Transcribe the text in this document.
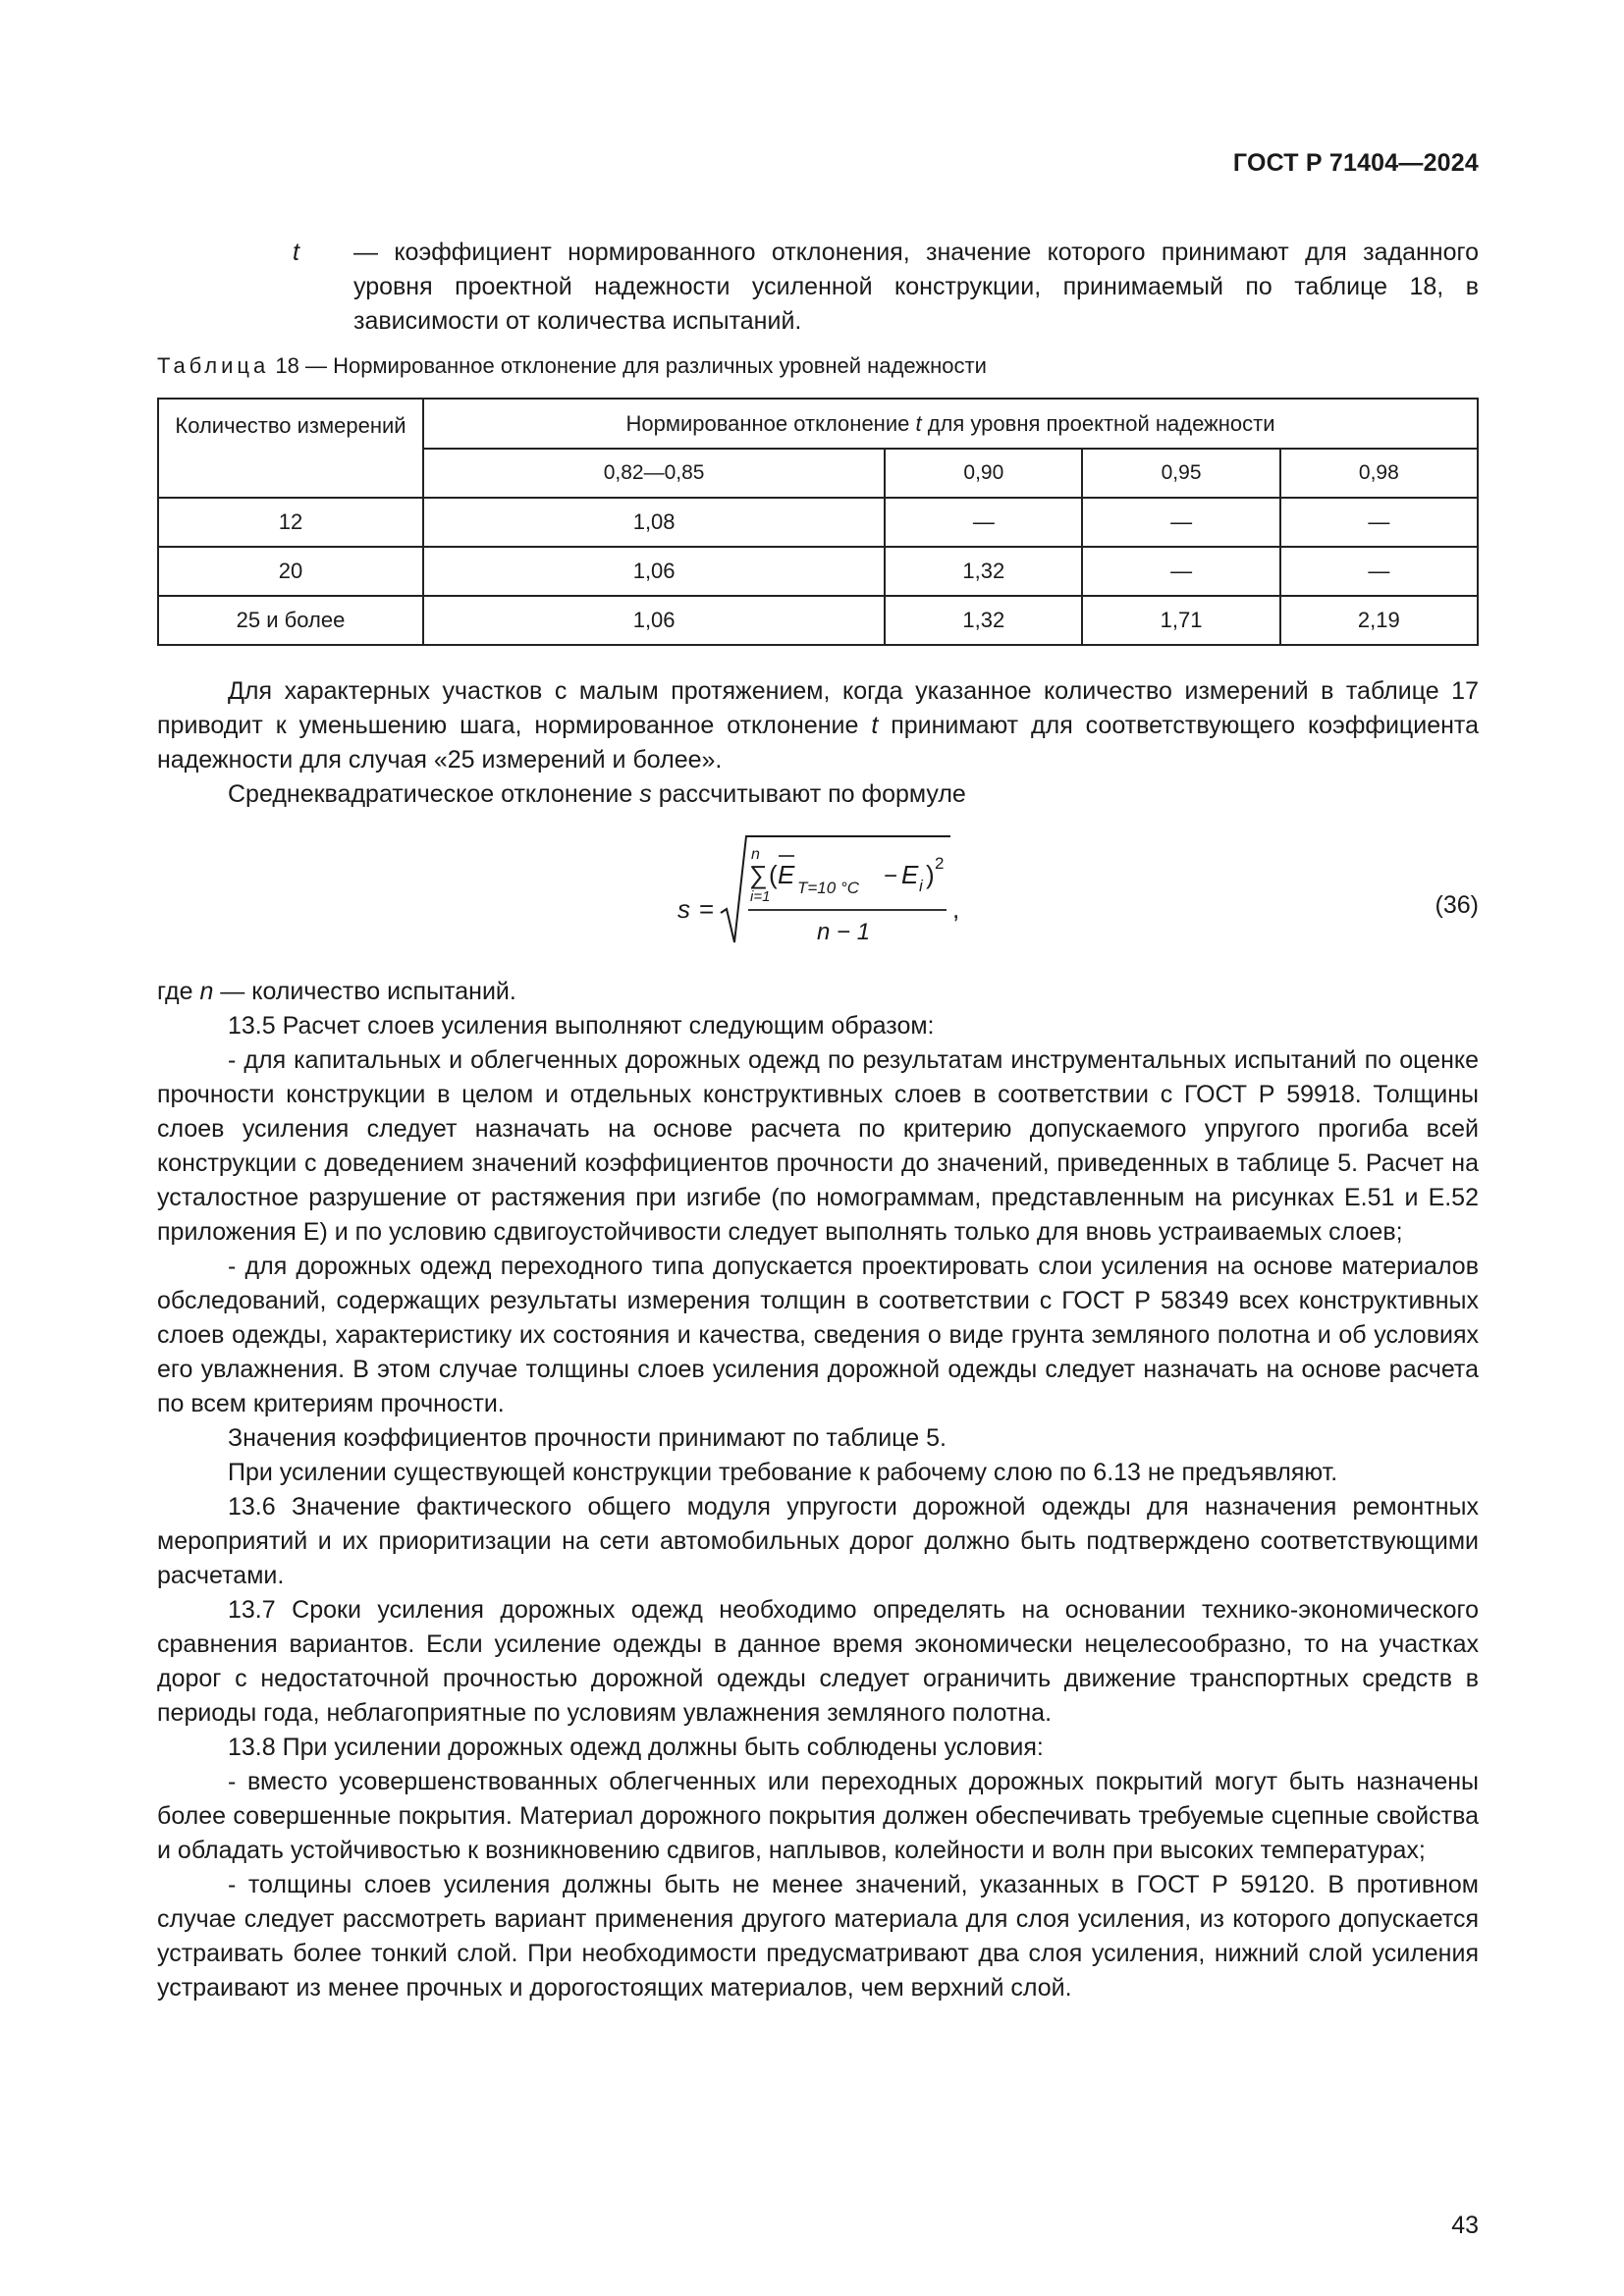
ГОСТ Р 71404—2024
t — коэффициент нормированного отклонения, значение которого принимают для заданного уровня проектной надежности усиленной конструкции, принимаемый по таблице 18, в зависимости от количества испытаний.
Таблица 18 — Нормированное отклонение для различных уровней надежности
Количество измерений	Нормированное отклонение t для уровня проектной надежности			
	0,82—0,85	0,90	0,95	0,98
12	1,08	—	—	—
20	1,06	1,32	—	—
25 и более	1,06	1,32	1,71	2,19

Для характерных участков с малым протяжением, когда указанное количество измерений в таблице 17 приводит к уменьшению шага, нормированное отклонение t принимают для соответствующего коэффициента надежности для случая «25 измерений и более».

Среднеквадратическое отклонение s рассчитывают по формуле

s =
n
∑
i=1
( E T=10 °C − E i ) 2
n − 1
,	(36)

где n — количество испытаний.

13.5 Расчет слоев усиления выполняют следующим образом:

- для капитальных и облегченных дорожных одежд по результатам инструментальных испытаний по оценке прочности конструкции в целом и отдельных конструктивных слоев в соответствии с ГОСТ Р 59918. Толщины слоев усиления следует назначать на основе расчета по критерию допускаемого упругого прогиба всей конструкции с доведением значений коэффициентов прочности до значений, приведенных в таблице 5. Расчет на усталостное разрушение от растяжения при изгибе (по номограммам, представленным на рисунках Е.51 и Е.52 приложения Е) и по условию сдвигоустойчивости следует выполнять только для вновь устраиваемых слоев;

- для дорожных одежд переходного типа допускается проектировать слои усиления на основе материалов обследований, содержащих результаты измерения толщин в соответствии с ГОСТ Р 58349 всех конструктивных слоев одежды, характеристику их состояния и качества, сведения о виде грунта земляного полотна и об условиях его увлажнения. В этом случае толщины слоев усиления дорожной одежды следует назначать на основе расчета по всем критериям прочности.

Значения коэффициентов прочности принимают по таблице 5.

При усилении существующей конструкции требование к рабочему слою по 6.13 не предъявляют.

13.6 Значение фактического общего модуля упругости дорожной одежды для назначения ремонтных мероприятий и их приоритизации на сети автомобильных дорог должно быть подтверждено соответствующими расчетами.

13.7 Сроки усиления дорожных одежд необходимо определять на основании технико-экономического сравнения вариантов. Если усиление одежды в данное время экономически нецелесообразно, то на участках дорог с недостаточной прочностью дорожной одежды следует ограничить движение транспортных средств в периоды года, неблагоприятные по условиям увлажнения земляного полотна.

13.8 При усилении дорожных одежд должны быть соблюдены условия:

- вместо усовершенствованных облегченных или переходных дорожных покрытий могут быть назначены более совершенные покрытия. Материал дорожного покрытия должен обеспечивать требуемые сцепные свойства и обладать устойчивостью к возникновению сдвигов, наплывов, колейности и волн при высоких температурах;

- толщины слоев усиления должны быть не менее значений, указанных в ГОСТ Р 59120. В противном случае следует рассмотреть вариант применения другого материала для слоя усиления, из которого допускается устраивать более тонкий слой. При необходимости предусматривают два слоя усиления, нижний слой усиления устраивают из менее прочных и дорогостоящих материалов, чем верхний слой.

43
